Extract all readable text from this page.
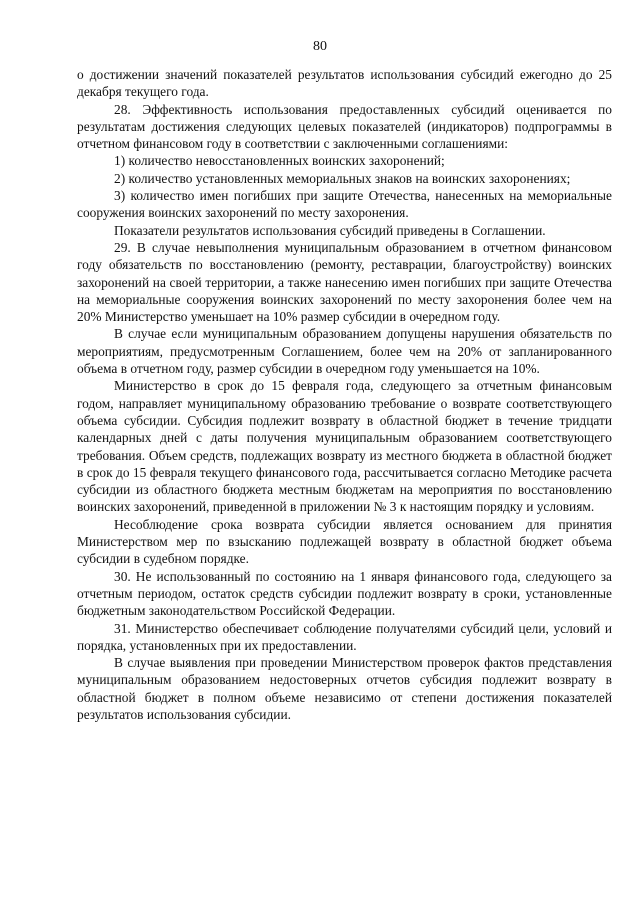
80

о достижении значений показателей результатов использования субсидий ежегодно до 25 декабря текущего года.

28. Эффективность использования предоставленных субсидий оценивается по результатам достижения следующих целевых показателей (индикаторов) подпрограммы в отчетном финансовом году в соответствии с заключенными соглашениями:

1) количество невосстановленных воинских захоронений;

2) количество установленных мемориальных знаков на воинских захоронениях;

3) количество имен погибших при защите Отечества, нанесенных на мемориальные сооружения воинских захоронений по месту захоронения.

Показатели результатов использования субсидий приведены в Соглашении.

29. В случае невыполнения муниципальным образованием в отчетном финансовом году обязательств по восстановлению (ремонту, реставрации, благоустройству) воинских захоронений на своей территории, а также нанесению имен погибших при защите Отечества на мемориальные сооружения воинских захоронений по месту захоронения более чем на 20% Министерство уменьшает на 10% размер субсидии в очередном году.

В случае если муниципальным образованием допущены нарушения обязательств по мероприятиям, предусмотренным Соглашением, более чем на 20% от запланированного объема в отчетном году, размер субсидии в очередном году уменьшается на 10%.

Министерство в срок до 15 февраля года, следующего за отчетным финансовым годом, направляет муниципальному образованию требование о возврате соответствующего объема субсидии. Субсидия подлежит возврату в областной бюджет в течение тридцати календарных дней с даты получения муниципальным образованием соответствующего требования. Объем средств, подлежащих возврату из местного бюджета в областной бюджет в срок до 15 февраля текущего финансового года, рассчитывается согласно Методике расчета субсидии из областного бюджета местным бюджетам на мероприятия по восстановлению воинских захоронений, приведенной в приложении № 3 к настоящим порядку и условиям.

Несоблюдение срока возврата субсидии является основанием для принятия Министерством мер по взысканию подлежащей возврату в областной бюджет объема субсидии в судебном порядке.

30. Не использованный по состоянию на 1 января финансового года, следующего за отчетным периодом, остаток средств субсидии подлежит возврату в сроки, установленные бюджетным законодательством Российской Федерации.

31. Министерство обеспечивает соблюдение получателями субсидий цели, условий и порядка, установленных при их предоставлении.

В случае выявления при проведении Министерством проверок фактов представления муниципальным образованием недостоверных отчетов субсидия подлежит возврату в областной бюджет в полном объеме независимо от степени достижения показателей результатов использования субсидии.
